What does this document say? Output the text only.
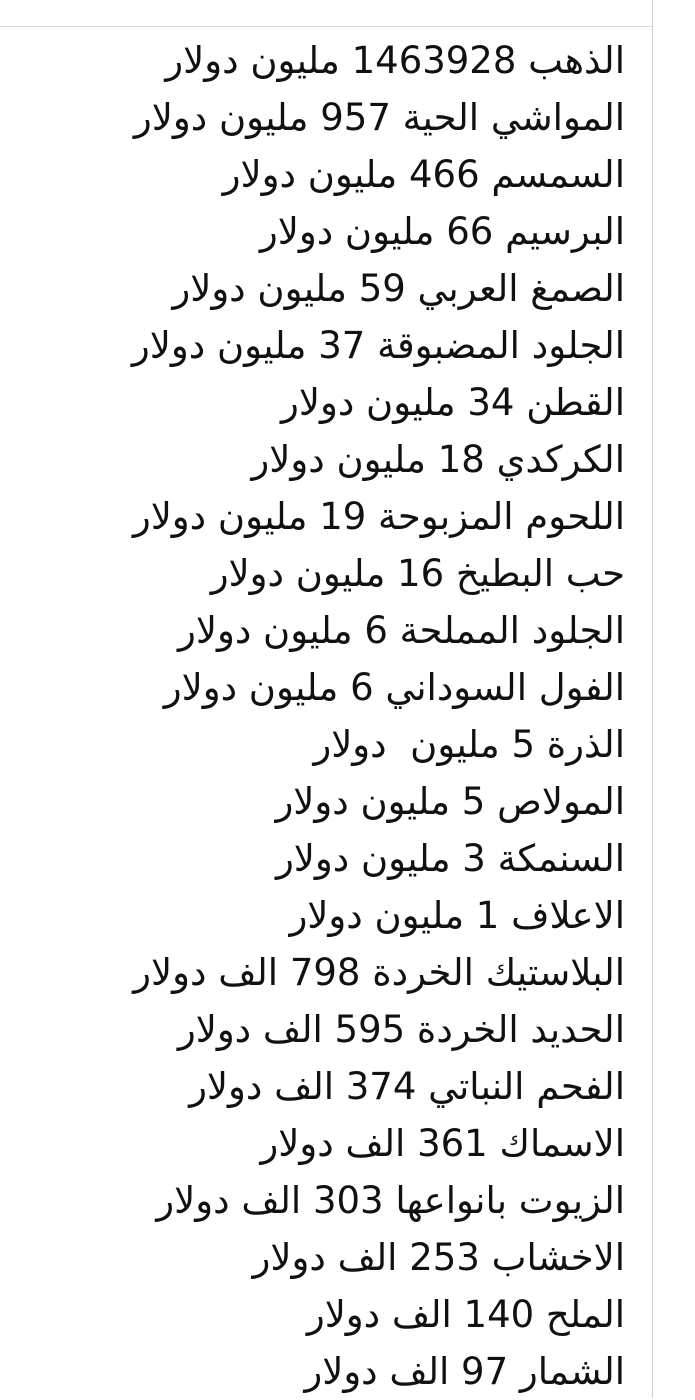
الذهب 1463928 مليون دولار
المواشي الحية 957 مليون دولار
السمسم 466 مليون دولار
البرسيم 66 مليون دولار
الصمغ العربي 59 مليون دولار
الجلود المضبوقة 37 مليون دولار
القطن 34 مليون دولار
الكركدي 18 مليون دولار
اللحوم المزبوحة 19 مليون دولار
حب البطيخ 16 مليون دولار
الجلود المملحة 6 مليون دولار
الفول السوداني 6 مليون دولار
الذرة 5 مليون  دولار
المولاص 5 مليون دولار
السنمكة 3 مليون دولار
الاعلاف 1 مليون دولار
البلاستيك الخردة 798 الف دولار
الحديد الخردة 595 الف دولار
الفحم النباتي 374 الف دولار
الاسماك 361 الف دولار
الزيوت بانواعها 303 الف دولار
الاخشاب 253 الف دولار
الملح 140 الف دولار
الشمار 97 الف دولار
